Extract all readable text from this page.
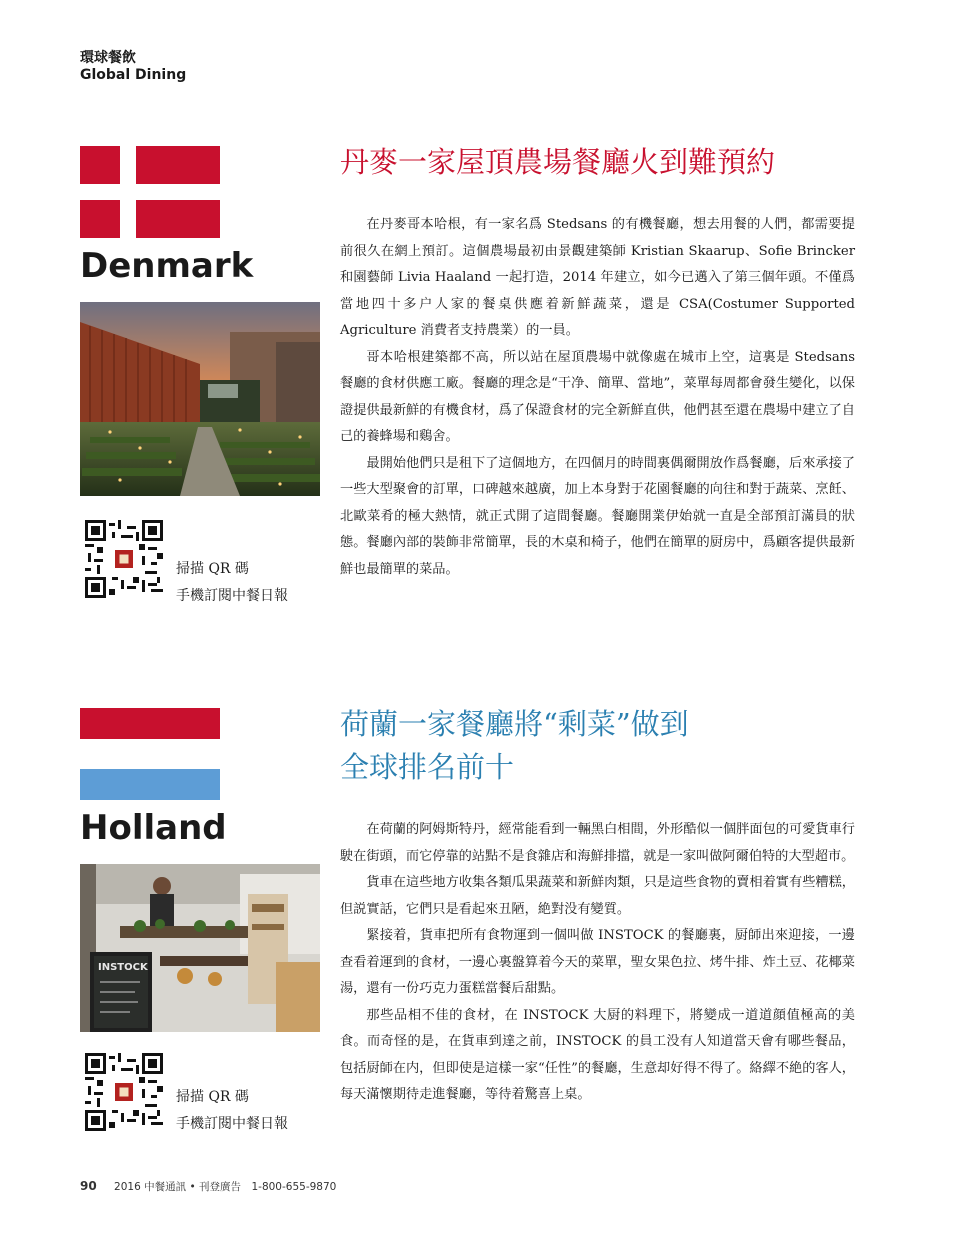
環球餐飲
Global Dining
Denmark
掃描 QR 碼
手機訂閱中餐日報
丹麥一家屋頂農場餐廳火到難預約

在丹麥哥本哈根，有一家名爲 Stedsans 的有機餐廳，想去用餐的人們，都需要提前很久在網上預訂。這個農場最初由景觀建築師 Kristian Skaarup、Sofie Brincker 和園藝師 Livia Haaland 一起打造，2014 年建立，如今已邁入了第三個年頭。不僅爲當地四十多户人家的餐桌供應着新鮮蔬菜，還是 CSA(Costumer Supported Agriculture 消費者支持農業）的一員。

哥本哈根建築都不高，所以站在屋頂農場中就像處在城市上空，這裏是 Stedsans 餐廳的食材供應工廠。餐廳的理念是“干净、簡單、當地”，菜單每周都會發生變化，以保證提供最新鮮的有機食材，爲了保證食材的完全新鮮直供，他們甚至還在農場中建立了自己的養蜂場和鷄舍。

最開始他們只是租下了這個地方，在四個月的時間裏偶爾開放作爲餐廳，后來承接了一些大型聚會的訂單，口碑越來越廣，加上本身對于花園餐廳的向往和對于蔬菜、烹飪、北歐菜肴的極大熱情，就正式開了這間餐廳。餐廳開業伊始就一直是全部預訂滿員的狀態。餐廳內部的裝飾非常簡單，長的木桌和椅子，他們在簡單的厨房中，爲顧客提供最新鮮也最簡單的菜品。

Holland
INSTOCK
掃描 QR 碼
手機訂閱中餐日報
荷蘭一家餐廳將“剩菜”做到
全球排名前十

在荷蘭的阿姆斯特丹，經常能看到一輛黑白相間，外形酷似一個胖面包的可愛貨車行駛在街頭，而它停靠的站點不是食雜店和海鮮排擋，就是一家叫做阿爾伯特的大型超市。

貨車在這些地方收集各類瓜果蔬菜和新鮮肉類，只是這些食物的賣相着實有些糟糕，但説實話，它們只是看起來丑陋，絶對没有變質。

緊接着，貨車把所有食物運到一個叫做 INSTOCK 的餐廳裏，厨師出來迎接，一邊查看着運到的食材，一邊心裏盤算着今天的菜單，聖女果色拉、烤牛排、炸土豆、花椰菜湯，還有一份巧克力蛋糕當餐后甜點。

那些品相不佳的食材，在 INSTOCK 大厨的料理下，將變成一道道顔值極高的美食。而奇怪的是，在貨車到達之前，INSTOCK 的員工没有人知道當天會有哪些餐品，包括厨師在内，但即使是這樣一家“任性”的餐廳，生意却好得不得了。絡繹不絶的客人，每天滿懷期待走進餐廳，等待着驚喜上桌。

90 2016 中餐通訊 • 刊登廣告　1-800-655-9870
